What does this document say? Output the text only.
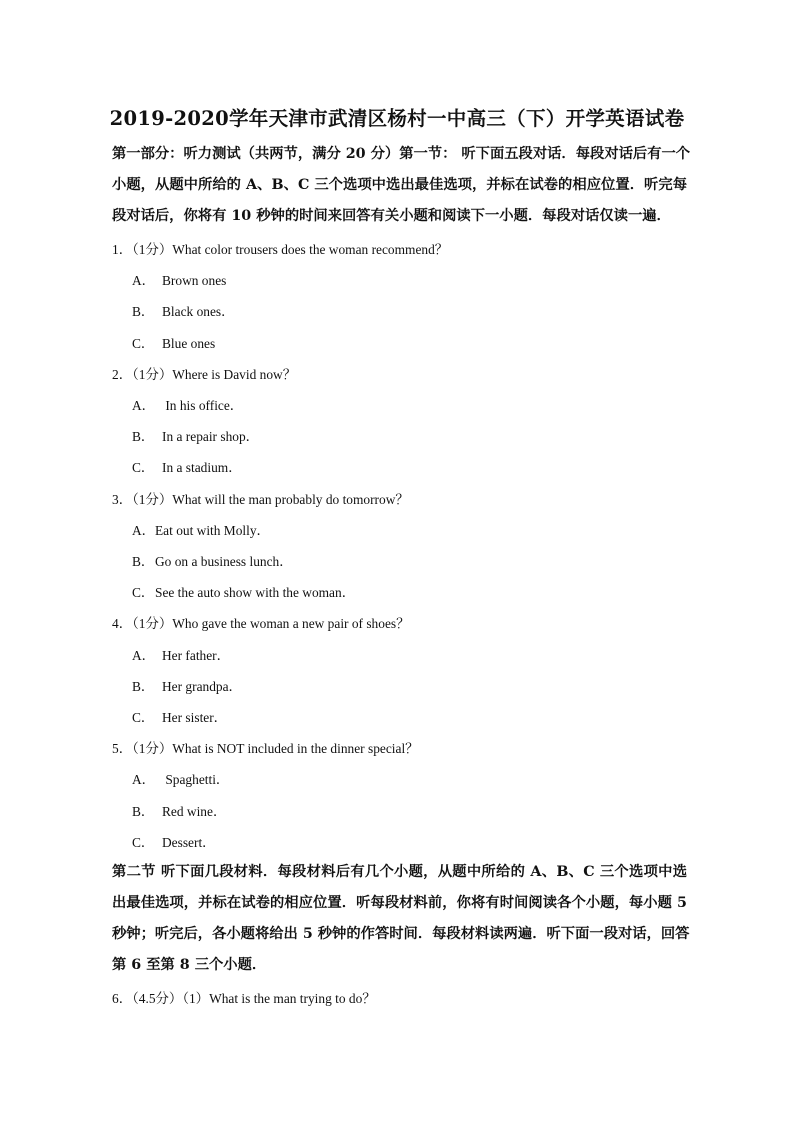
2019-2020学年天津市武清区杨村一中高三（下）开学英语试卷

第一部分：听力测试（共两节，满分 20 分）第一节： 听下面五段对话．每段对话后有一个

小题，从题中所给的 A、B、C 三个选项中选出最佳选项，并标在试卷的相应位置．听完每

段对话后，你将有 10 秒钟的时间来回答有关小题和阅读下一小题．每段对话仅读一遍．

1．（1分）What color trousers does the woman recommend？
A． Brown ones
B． Black ones．
C． Blue ones
2．（1分）Where is David now？
A． In his office．
B． In a repair shop．
C． In a stadium．
3．（1分）What will the man probably do tomorrow？
A．Eat out with Molly．
B．Go on a business lunch．
C．See the auto show with the woman．
4．（1分）Who gave the woman a new pair of shoes？
A． Her father．
B． Her grandpa．
C． Her sister．
5．（1分）What is NOT included in the dinner special？
A． Spaghetti．
B． Red wine．
C． Dessert．

第二节 听下面几段材料．每段材料后有几个小题，从题中所给的 A、B、C 三个选项中选

出最佳选项，并标在试卷的相应位置．听每段材料前，你将有时间阅读各个小题，每小题 5

秒钟；听完后，各小题将给出 5 秒钟的作答时间．每段材料读两遍．听下面一段对话，回答

第 6 至第 8 三个小题．

6．（4.5分）（1）What is the man trying to do？
